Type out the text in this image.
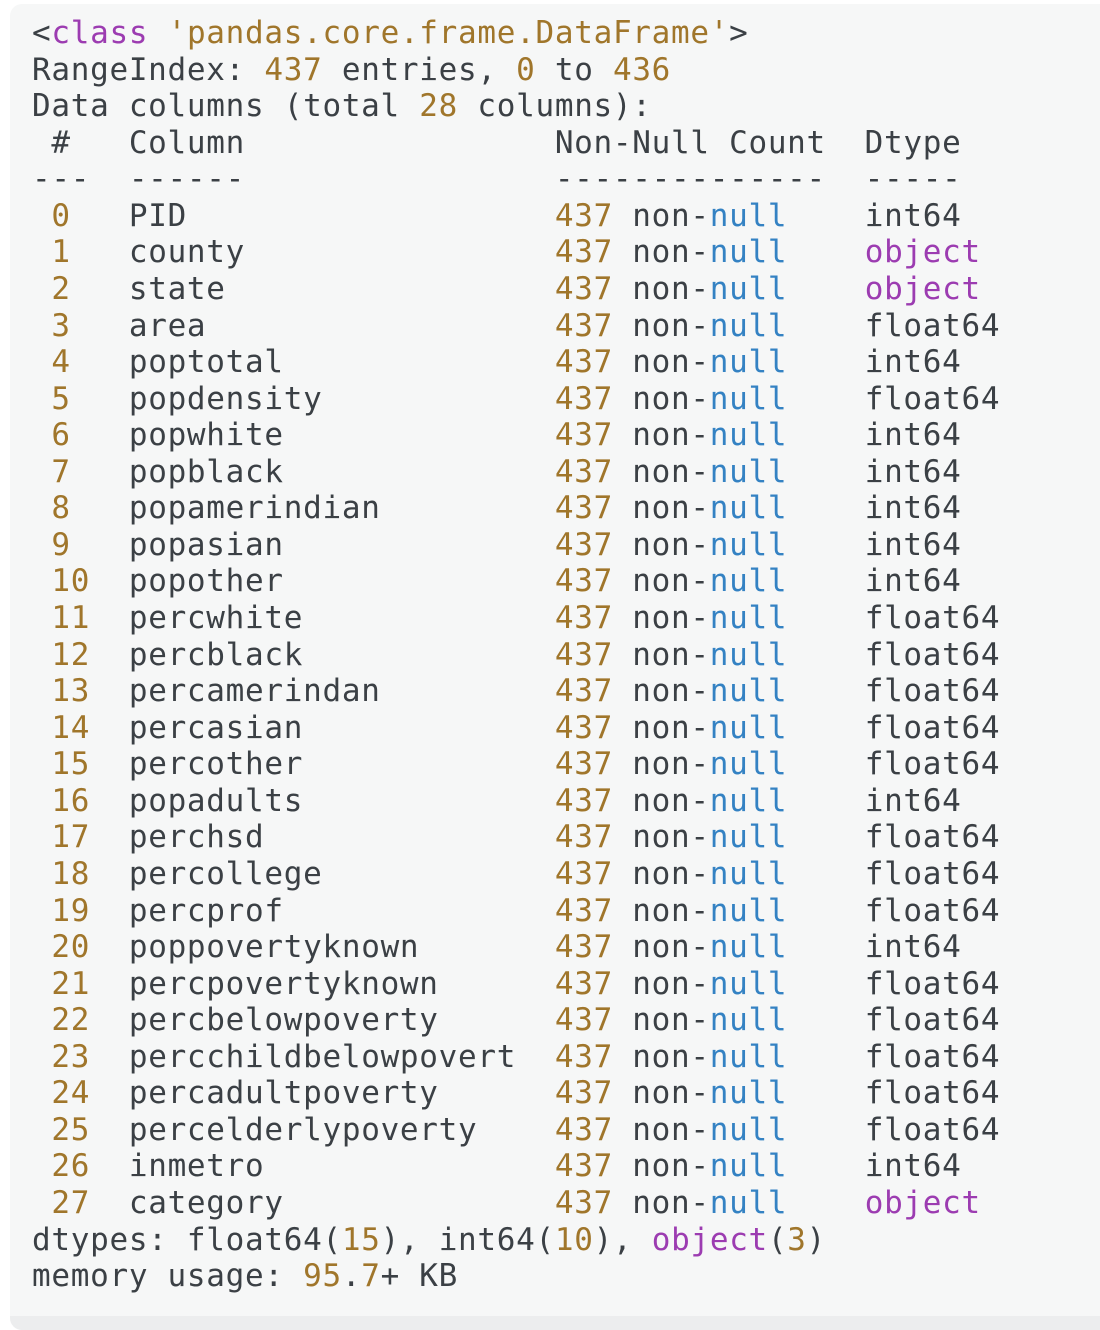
<class 'pandas.core.frame.DataFrame'>
RangeIndex: 437 entries, 0 to 436
Data columns (total 28 columns):
#   Column                Non-Null Count  Dtype
---  ------                --------------  -----
0   PID                   437 non-null int64
1   county                437 non-null object
2   state                 437 non-null object
3   area                  437 non-null float64
4   poptotal              437 non-null int64
5   popdensity            437 non-null float64
6   popwhite              437 non-null int64
7   popblack              437 non-null int64
8   popamerindian         437 non-null int64
9   popasian              437 non-null int64
10  popother              437 non-null int64
11  percwhite             437 non-null float64
12  percblack             437 non-null float64
13  percamerindan         437 non-null float64
14  percasian             437 non-null float64
15  percother             437 non-null float64
16  popadults             437 non-null int64
17  perchsd               437 non-null float64
18  percollege            437 non-null float64
19  percprof              437 non-null float64
20  poppovertyknown       437 non-null int64
21  percpovertyknown      437 non-null float64
22  percbelowpoverty      437 non-null float64
23  percchildbelowpovert  437 non-null float64
24  percadultpoverty      437 non-null float64
25  percelderlypoverty    437 non-null float64
26  inmetro               437 non-null int64
27  category              437 non-null object
dtypes: float64(15), int64(10), object(3)
memory usage: 95.7+ KB
